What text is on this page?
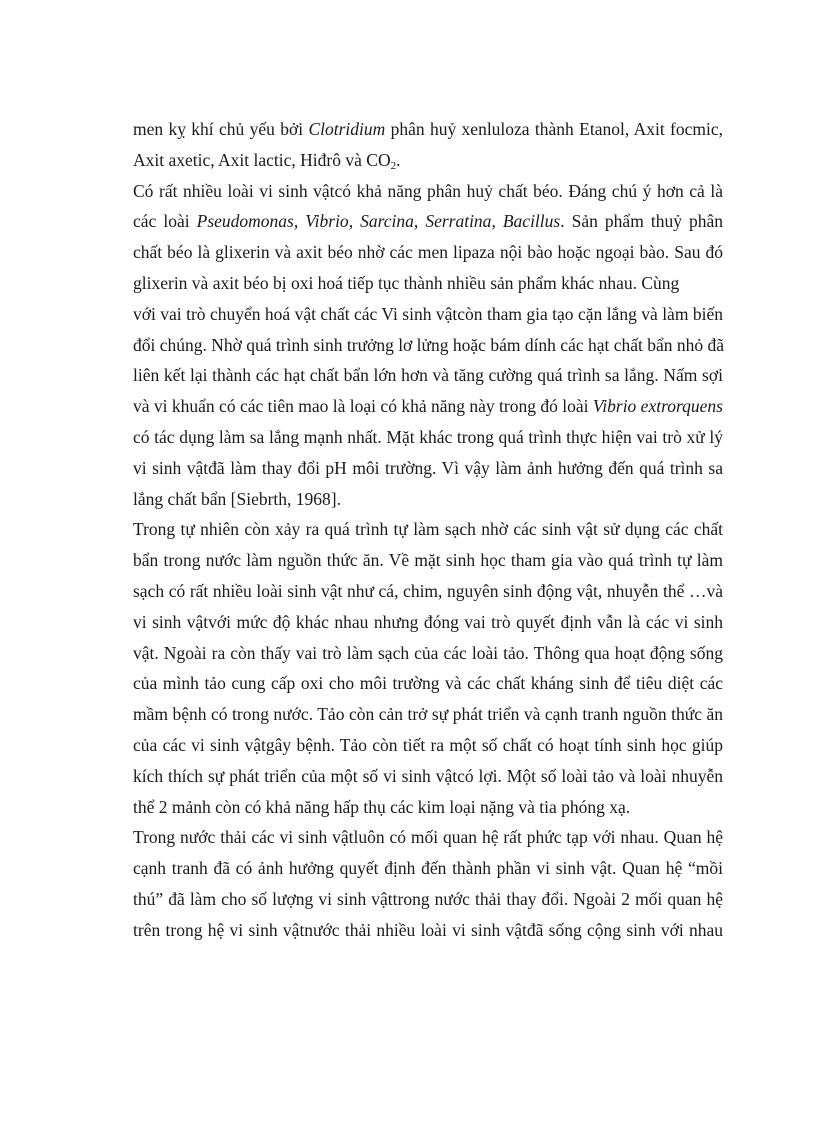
men kỵ khí chủ yếu bởi Clotridium phân huỷ xenluloza thành Etanol, Axit focmic,
Axit axetic, Axit lactic, Hiđrô và $CO_2$.
Có rất nhiều loài vi sinh vậtcó khả năng phân huỷ chất béo. Đáng chú ý hơn cả là
các loài Pseudomonas, Vibrio, Sarcina, Serratina, Bacillus. Sản phẩm thuỷ phân
chất béo là glixerin và axit béo nhờ các men lipaza nội bào hoặc ngoại bào. Sau đó
glixerin và axit béo bị oxi hoá tiếp tục thành nhiều sản phẩm khác nhau. Cùng
với vai trò chuyển hoá vật chất các Vi sinh vậtcòn tham gia tạo cặn lắng và làm biến
đổi chúng. Nhờ quá trình sinh trưởng lơ lửng hoặc bám dính các hạt chất bẩn nhỏ đã
liên kết lại thành các hạt chất bẩn lớn hơn và tăng cường quá trình sa lắng. Nấm sợi
và vi khuẩn có các tiên mao là loại có khả năng này trong đó loài Vibrio extrorquens
có tác dụng làm sa lắng mạnh nhất. Mặt khác trong quá trình thực hiện vai trò xử lý
vi sinh vậtđã làm thay đổi pH môi trường. Vì vậy làm ảnh hưởng đến quá trình sa
lắng chất bẩn [Siebrth, 1968].
Trong tự nhiên còn xảy ra quá trình tự làm sạch nhờ các sinh vật sử dụng các chất
bẩn trong nước làm nguồn thức ăn. Về mặt sinh học tham gia vào quá trình tự làm
sạch có rất nhiều loài sinh vật như cá, chim, nguyên sinh động vật, nhuyễn thể …và
vi sinh vậtvới mức độ khác nhau nhưng đóng vai trò quyết định vẫn là các vi sinh
vật. Ngoài ra còn thấy vai trò làm sạch của các loài tảo. Thông qua hoạt động sống
của mình tảo cung cấp oxi cho môi trường và các chất kháng sinh để tiêu diệt các
mầm bệnh có trong nước. Tảo còn cản trở sự phát triển và cạnh tranh nguồn thức ăn
của các vi sinh vậtgây bệnh. Tảo còn tiết ra một số chất có hoạt tính sinh học giúp
kích thích sự phát triển của một số vi sinh vậtcó lợi. Một số loài tảo và loài nhuyễn
thể 2 mảnh còn có khả năng hấp thụ các kim loại nặng và tia phóng xạ.
Trong nước thải các vi sinh vậtluôn có mối quan hệ rất phức tạp với nhau. Quan hệ
cạnh tranh đã có ảnh hưởng quyết định đến thành phần vi sinh vật. Quan hệ “mồi
thú” đã làm cho số lượng vi sinh vậttrong nước thải thay đổi. Ngoài 2 mối quan hệ
trên trong hệ vi sinh vậtnước thải nhiều loài vi sinh vậtđã sống cộng sinh với nhau
